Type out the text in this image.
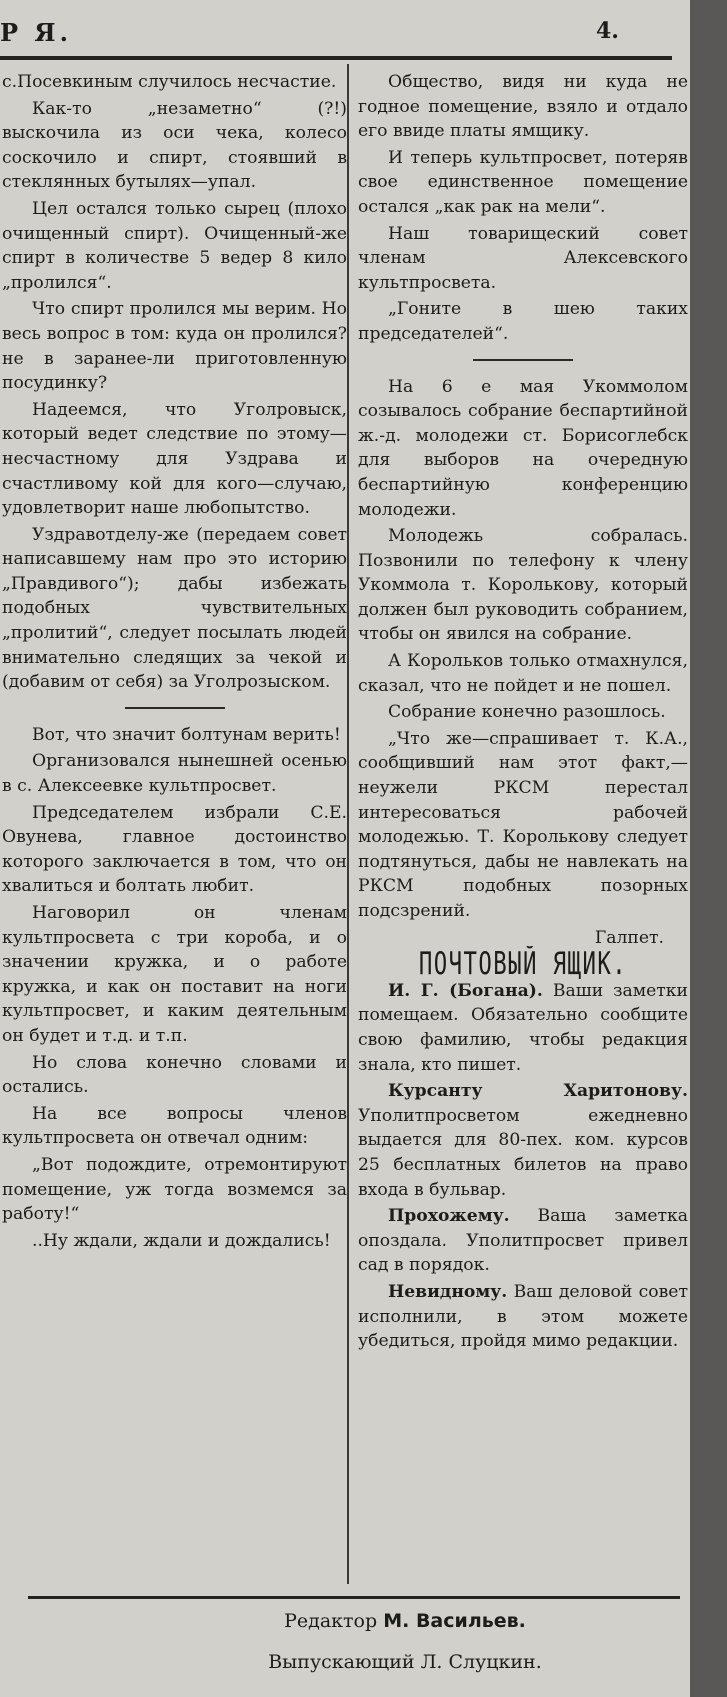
Р Я.	4.

с.Посевкиным случилось несчастие.

Как-то „незаметно“ (?!) выскочила из оси чека, колесо соскочило и спирт, стоявший в стеклянных бутылях—упал.

Цел остался только сырец (плохо очищенный спирт). Очищенный-же спирт в количестве 5 ведер 8 кило „пролился“.

Что спирт пролился мы верим. Но весь вопрос в том: куда он пролился? не в заранее-ли приготовленную посудинку?

Надеемся, что Уголровыск, который ведет следствие по этому—несчастному для Уздрава и счастливому кой для кого—случаю, удовлетворит наше любопытство.

Уздравотделу-же (передаем совет написавшему нам про это историю „Правдивого“); дабы избежать подобных чувствительных „пролитий“, следует посылать людей внимательно следящих за чекой и (добавим от себя) за Уголрозыском.

Вот, что значит болтунам верить!

Организовался нынешней осенью в с. Алексеевке культпросвет.

Председателем избрали С.Е. Овунева, главное достоинство которого заключается в том, что он хвалиться и болтать любит.

Наговорил он членам культпросвета с три короба, и о значении кружка, и о работе кружка, и как он поставит на ноги культпросвет, и каким деятельным он будет и т.д. и т.п.

Но слова конечно словами и остались.

На все вопросы членов культпросвета он отвечал одним:

„Вот подождите, отремонтируют помещение, уж тогда возмемся за работу!“

..Ну ждали, ждали и дождались!

Общество, видя ни куда не годное помещение, взяло и отдало его ввиде платы ямщику.

И теперь культпросвет, потеряв свое единственное помещение остался „как рак на мели“.

Наш товарищеский совет членам Алексевского культпросвета.

„Гоните в шею таких председателей“.

На 6 е мая Укоммолом созывалось собрание беспартийной ж.-д. молодежи ст. Борисоглебск для выборов на очередную беспартийную конференцию молодежи.

Молодежь собралась. Позвонили по телефону к члену Укоммола т. Королькову, который должен был руководить собранием, чтобы он явился на собрание.

А Корольков только отмахнулся, сказал, что не пойдет и не пошел.

Собрание конечно разошлось.

„Что же—спрашивает т. К.А., сообщивший нам этот факт,—неужели РКСМ перестал интересоваться рабочей молодежью. Т. Королькову следует подтянуться, дабы не навлекать на РКСМ подобных позорных подсзрений.

Галпет.

ПОЧТОВЫЙ ЯЩИК.

И. Г. (Богана). Ваши заметки помещаем. Обязательно сообщите свою фамилию, чтобы редакция знала, кто пишет.

Курсанту Харитонову. Уполитпросветом ежедневно выдается для 80-пех. ком. курсов 25 бесплатных билетов на право входа в бульвар.

Прохожему. Ваша заметка опоздала. Уполитпросвет привел сад в порядок.

Невидному. Ваш деловой совет исполнили, в этом можете убедиться, пройдя мимо редакции.

Редактор М. Васильев.
Выпускающий Л. Слуцкин.
